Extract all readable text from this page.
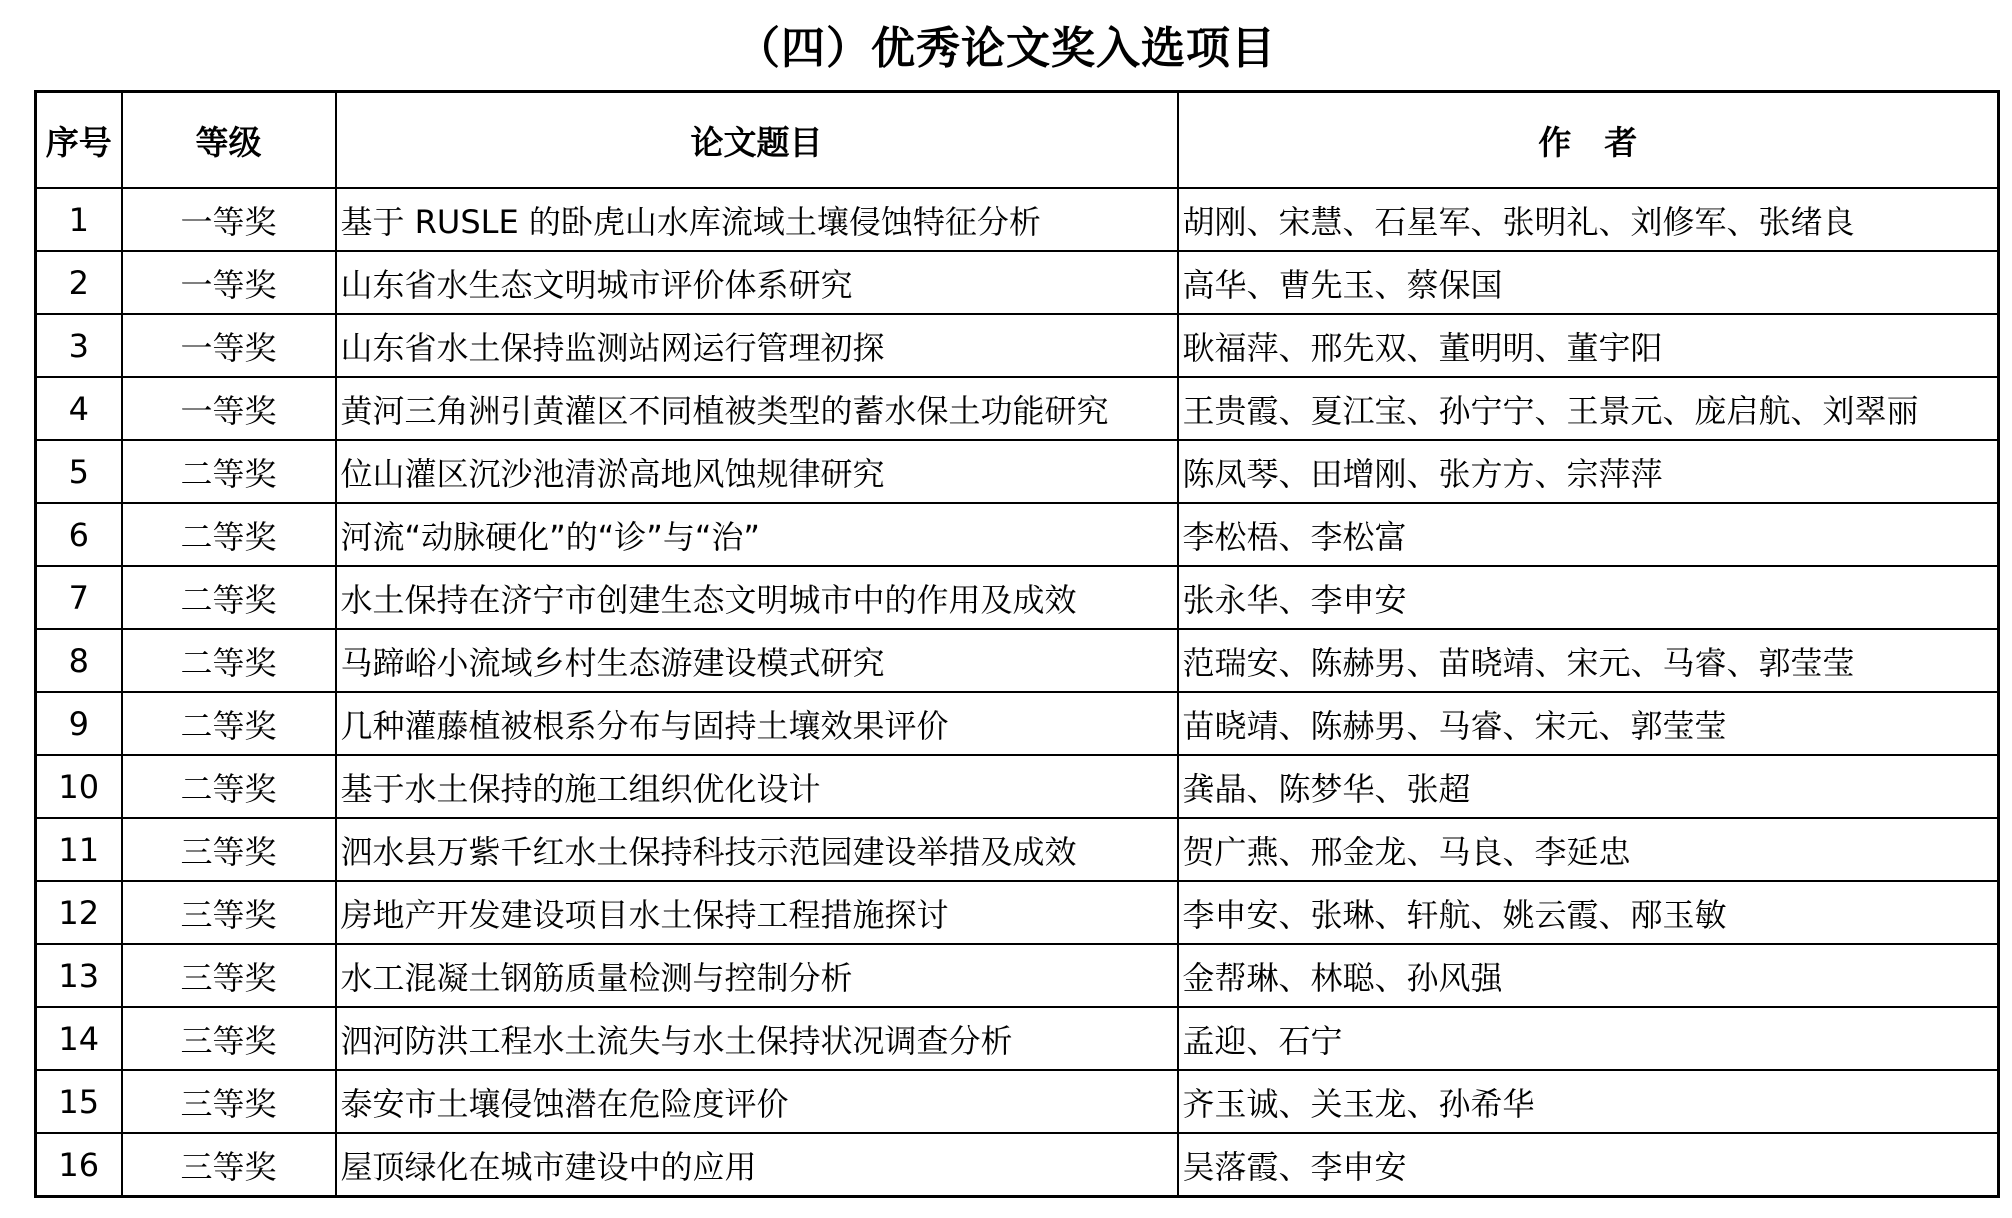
（四）优秀论文奖入选项目
序号	等级	论文题目	作　者
1	一等奖	基于 RUSLE 的卧虎山水库流域土壤侵蚀特征分析	胡刚、宋慧、石星军、张明礼、刘修军、张绪良
2	一等奖	山东省水生态文明城市评价体系研究	高华、曹先玉、蔡保国
3	一等奖	山东省水土保持监测站网运行管理初探	耿福萍、邢先双、董明明、董宇阳
4	一等奖	黄河三角洲引黄灌区不同植被类型的蓄水保土功能研究	王贵霞、夏江宝、孙宁宁、王景元、庞启航、刘翠丽
5	二等奖	位山灌区沉沙池清淤高地风蚀规律研究	陈凤琴、田增刚、张方方、宗萍萍
6	二等奖	河流“动脉硬化”的“诊”与“治”	李松梧、李松富
7	二等奖	水土保持在济宁市创建生态文明城市中的作用及成效	张永华、李申安
8	二等奖	马蹄峪小流域乡村生态游建设模式研究	范瑞安、陈赫男、苗晓靖、宋元、马睿、郭莹莹
9	二等奖	几种灌藤植被根系分布与固持土壤效果评价	苗晓靖、陈赫男、马睿、宋元、郭莹莹
10	二等奖	基于水土保持的施工组织优化设计	龚晶、陈梦华、张超
11	三等奖	泗水县万紫千红水土保持科技示范园建设举措及成效	贺广燕、邢金龙、马良、李延忠
12	三等奖	房地产开发建设项目水土保持工程措施探讨	李申安、张琳、轩航、姚云霞、邴玉敏
13	三等奖	水工混凝土钢筋质量检测与控制分析	金帮琳、林聪、孙风强
14	三等奖	泗河防洪工程水土流失与水土保持状况调查分析	孟迎、石宁
15	三等奖	泰安市土壤侵蚀潜在危险度评价	齐玉诚、关玉龙、孙希华
16	三等奖	屋顶绿化在城市建设中的应用	吴落霞、李申安
